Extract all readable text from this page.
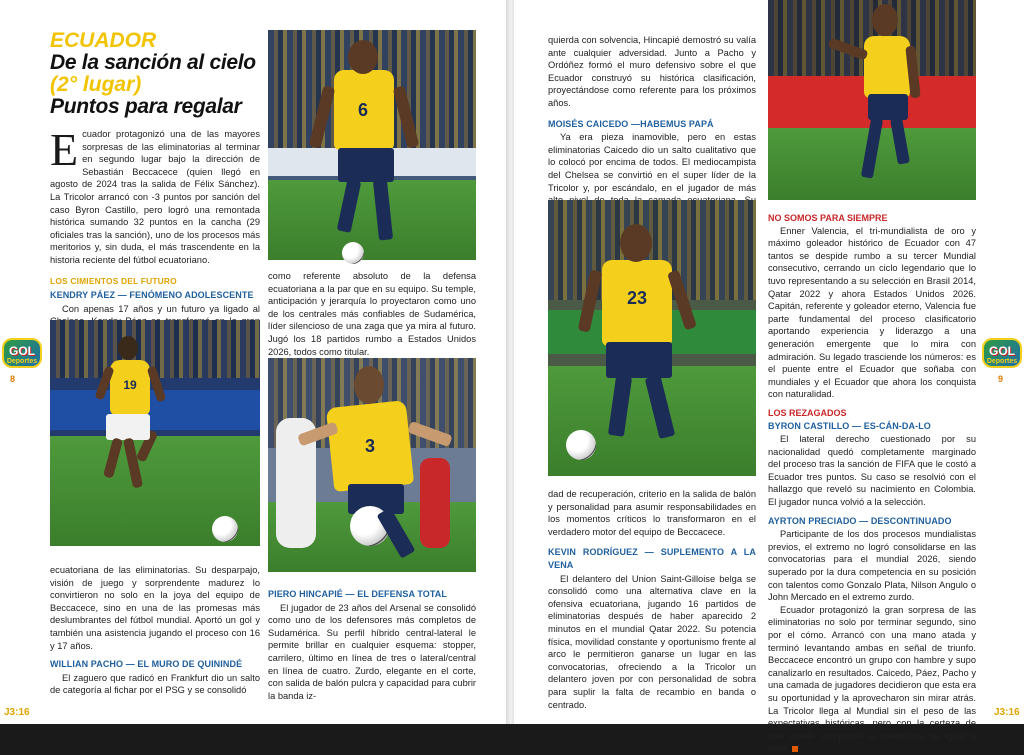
ECUADOR
De la sanción al cielo
(2° lugar)
Puntos para regalar
E cuador protagonizó una de las mayores sorpresas de las eliminatorias al terminar en segundo lugar bajo la dirección de Sebastián Beccacece (quien llegó en agosto de 2024 tras la salida de Félix Sánchez). La Tricolor arrancó con -3 puntos por sanción del caso Byron Castillo, pero logró una remontada histórica sumando 32 puntos en la cancha (29 oficiales tras la sanción), uno de los procesos más meritorios y, sin duda, el más trascendente en la historia reciente del fútbol ecuatoriano.
LOS CIMIENTOS DEL FUTURO
KENDRY PÁEZ — FENÓMENO ADOLESCENTE

Con apenas 17 años y un futuro ya ligado al

19
ecuatoriana de las eliminatorias. Su desparpajo, visión de juego y sorprendente madurez lo convirtieron no solo en la joya del equipo de Beccacece, sino en una de las promesas más deslumbrantes del fútbol mundial. Aportó un gol y también una asistencia jugando el proceso con 16 y 17 años.
WILLIAN PACHO — EL MURO DE QUININDÉ

El zaguero que radicó en Frankfurt dio un salto de categoría al fichar por el PSG y se consolidó

6
como referente absoluto de la defensa ecuatoriana a la par que en su equipo. Su temple, anticipación y jerarquía lo proyectaron como uno de los centrales más confiables de Sudamérica, líder silencioso de una zaga que ya mira al futuro. Jugó los 18 partidos rumbo a Estados Unidos 2026, todos como titular.
3
PIERO HINCAPIÉ — EL DEFENSA TOTAL

El jugador de 23 años del Arsenal se consolidó como uno de los defensores más completos de Sudamérica. Su perfil híbrido central-lateral le permite brillar en cualquier esquema: stopper, carrilero, último en línea de tres o lateral/central en línea de cuatro. Zurdo, elegante en el corte, con salida de balón pulcra y capacidad para cubrir la banda iz-

GOL
Deportes
8
J3:16
quierda con solvencia, Hincapié demostró su valía ante cualquier adversidad. Junto a Pacho y Ordóñez formó el muro defensivo sobre el que Ecuador construyó su histórica clasificación, proyectándose como referente para los próximos años.
MOISÉS CAICEDO —HABEMUS PAPÁ

Ya era pieza inamovible, pero en estas eliminatorias Caicedo dio un salto cualitativo que lo colocó por encima de todos. El mediocampista del Chelsea se convirtió en el super líder de la Tricolor y, por escándalo, en el jugador de más

23
dad de recuperación, criterio en la salida de balón y personalidad para asumir responsabilidades en los momentos críticos lo transformaron en el verdadero motor del equipo de Beccacece.
KEVIN RODRÍGUEZ — SUPLEMENTO A LA VENA

El delantero del Union Saint-Gilloise belga se consolidó como una alternativa clave en la ofensiva ecuatoriana, jugando 16 partidos de eliminatorias después de haber aparecido 2 minutos en el mundial Qatar 2022. Su potencia física, movilidad constante y oportunismo frente al arco le permitieron ganarse un lugar en las convocatorias, ofreciendo a la Tricolor un delantero joven por con personalidad de sobra para suplir la falta de recambio en banda o centrado.

NO SOMOS PARA SIEMPRE

Enner Valencia, el tri-mundialista de oro y máximo goleador histórico de Ecuador con 47 tantos se despide rumbo a su tercer Mundial consecutivo, cerrando un ciclo legendario que lo tuvo representando a su selección en Brasil 2014, Qatar 2022 y ahora Estados Unidos 2026. Capitán, referente y goleador eterno, Valencia fue parte fundamental del proceso clasificatorio aportando experiencia y liderazgo a una generación emergente que lo mira con admiración. Su legado trasciende los números: es el puente entre el Ecuador que soñaba con mundiales y el Ecuador que ahora los conquista con naturalidad.

LOS REZAGADOS
BYRON CASTILLO — ES-CÁN-DA-LO

El lateral derecho cuestionado por su nacionalidad quedó completamente marginado del proceso tras la sanción de FIFA que le costó a Ecuador tres puntos. Su caso se resolvió con el hallazgo que reveló su nacimiento en Colombia. El jugador nunca volvió a la selección.

AYRTON PRECIADO — DESCONTINUADO

Participante de los dos procesos mundialistas previos, el extremo no logró consolidarse en las convocatorias para el mundial 2026, siendo superado por la dura competencia en su posición con talentos como Gonzalo Plata, Nilson Angulo o John Mercado en el extremo zurdo.

Ecuador protagonizó la gran sorpresa de las eliminatorias no solo por terminar segundo, sino por el cómo. Arrancó con una mano atada y terminó levantando ambas en señal de triunfo. Beccacece encontró un grupo con hambre y supo canalizarlo en resultados. Caicedo, Páez, Pacho y una camada de jugadores decidieron que esta era su oportunidad y la aprovecharon sin mirar atrás. La Tricolor llega al Mundial sin el peso de las expectativas históricas, pero con la certeza de que puede competirle a cualquiera de igual a igual.

GOL
Deportes
9
J3:16
